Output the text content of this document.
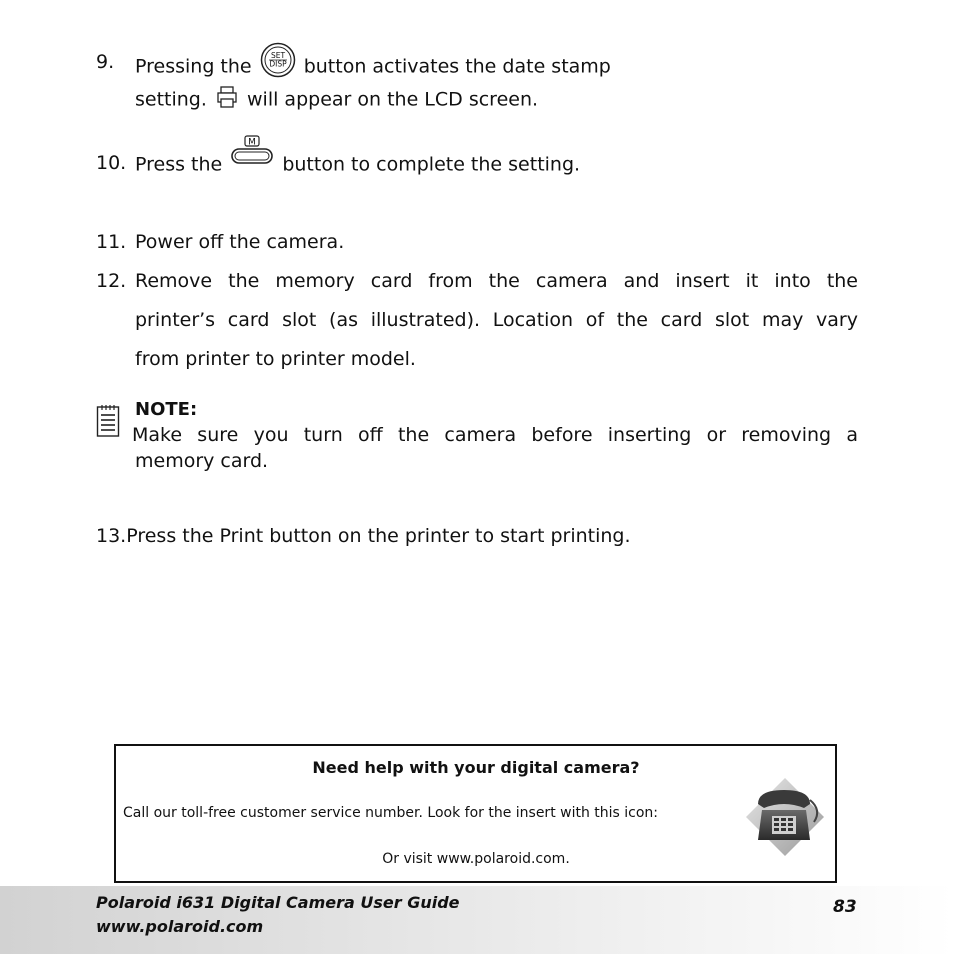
9. Pressing the	SET
DISP button activates the date stamp
setting. will appear on the LCD screen.
10. Press the
M
button to complete the setting.
11. Power off the camera.
12. Remove the memory card from the camera and insert it into the
printer’s card slot (as illustrated). Location of the card slot may vary
from printer to printer model.
NOTE:
Make sure you turn off the camera before inserting or removing a
memory card.
13.Press the Print button on the printer to start printing.
Need help with your digital camera?
Call our toll-free customer service number. Look for the insert with this icon:
Or visit www.polaroid.com.
Polaroid i631 Digital Camera User Guide
www.polaroid.com
83
